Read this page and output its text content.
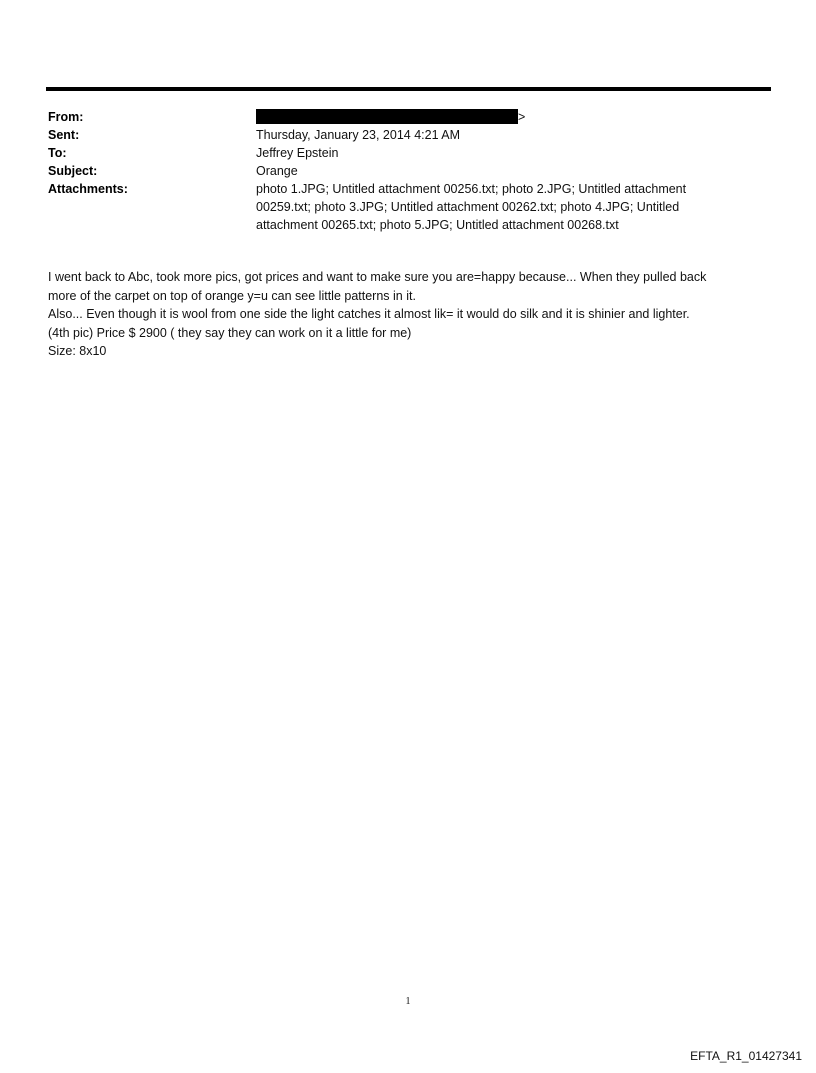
From:	>
Sent:	Thursday, January 23, 2014 4:21 AM
To:	Jeffrey Epstein
Subject:	Orange
Attachments:	photo 1.JPG; Untitled attachment 00256.txt; photo 2.JPG; Untitled attachment
00259.txt; photo 3.JPG; Untitled attachment 00262.txt; photo 4.JPG; Untitled
attachment 00265.txt; photo 5.JPG; Untitled attachment 00268.txt
I went back to Abc, took more pics, got prices and want to make sure you are=happy because... When they pulled back
more of the carpet on top of orange y=u can see little patterns in it.
Also... Even though it is wool from one side the light catches it almost lik= it would do silk and it is shinier and lighter.
(4th pic) Price $ 2900 ( they say they can work on it a little for me)
Size: 8x10
1
EFTA_R1_01427341
